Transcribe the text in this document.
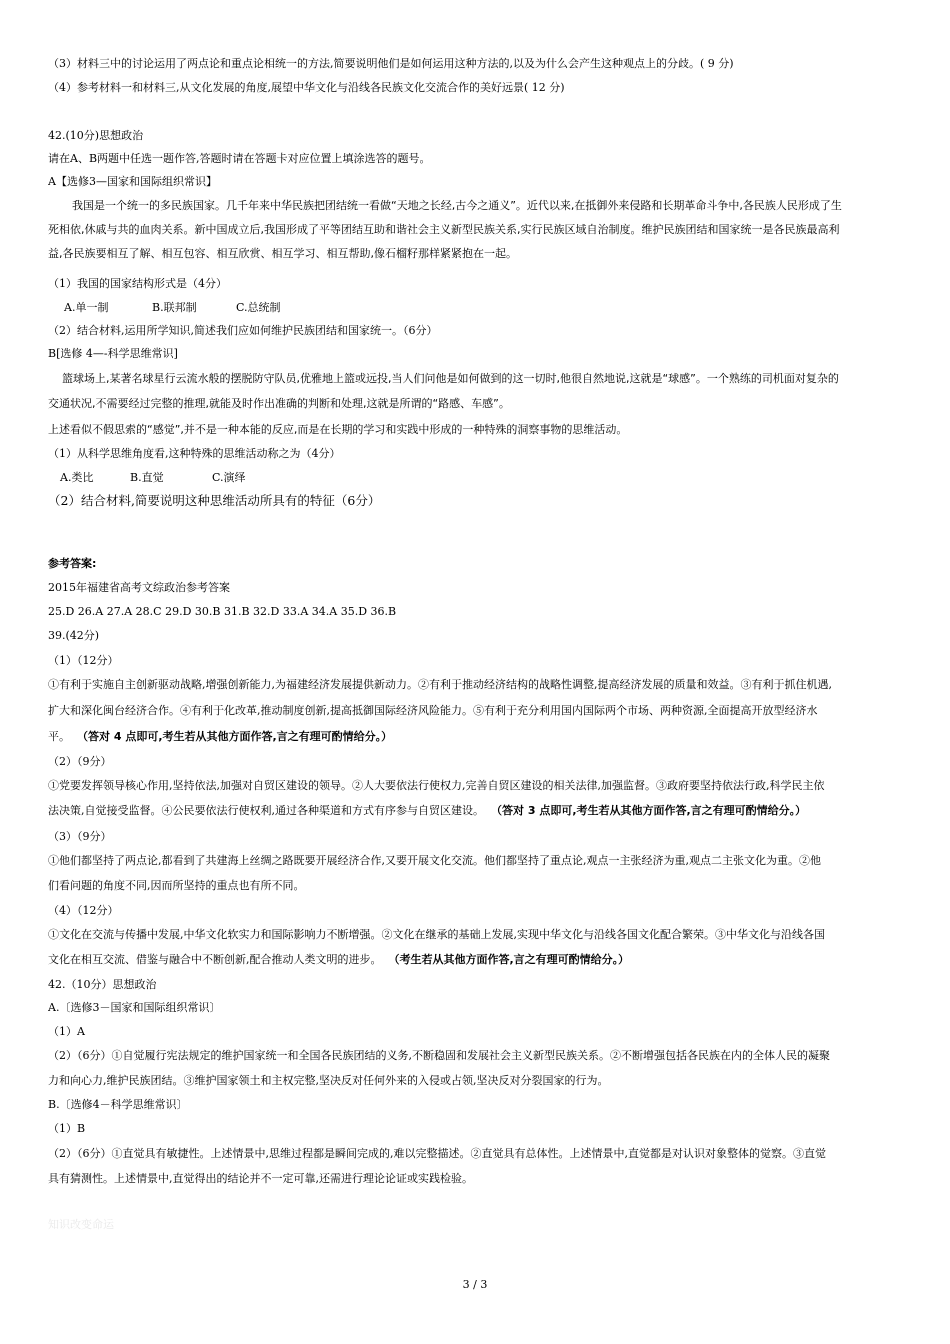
（3）材料三中的讨论运用了两点论和重点论相统一的方法,简要说明他们是如何运用这种方法的,以及为什么会产生这种观点上的分歧。( 9 分)

（4）参考材料一和材料三,从文化发展的角度,展望中华文化与沿线各民族文化交流合作的美好远景( 12 分)

42.(10分)思想政治

请在A、B两题中任选一题作答,答题时请在答题卡对应位置上填涂选答的题号。

A【选修3—国家和国际组织常识】

我国是一个统一的多民族国家。几千年来中华民族把团结统一看做“天地之长经,古今之通义”。近代以来,在抵御外来侵路和长期革命斗争中,各民族人民形成了生

死相依,休戚与共的血肉关系。新中国成立后,我国形成了平等团结互助和谐社会主义新型民族关系,实行民族区域自治制度。维护民族团结和国家统一是各民族最高利

益,各民族要相互了解、相互包容、相互欣赏、相互学习、相互帮助,像石榴籽那样紧紧抱在一起。

（1）我国的国家结构形式是（4分）

A.单一制	B.联邦制	C.总统制

（2）结合材料,运用所学知识,简述我们应如何维护民族团结和国家统一。（6分）

B[选修 4—-科学思维常识]

篮球场上,某著名球星行云流水般的摆脱防守队员,优雅地上篮或远投,当人们问他是如何做到的这一切时,他很自然地说,这就是“球感”。一个熟练的司机面对复杂的

交通状况,不需要经过完整的推理,就能及时作出准确的判断和处理,这就是所谓的“路感、车感”。

上述看似不假思索的“感觉”,并不是一种本能的反应,而是在长期的学习和实践中形成的一种特殊的洞察事物的思维活动。

（1）从科学思维角度看,这种特殊的思维活动称之为（4分）

A.类比	B.直觉	C.演绎

（2）结合材料,简要说明这种思维活动所具有的特征（6分）

参考答案:

2015年福建省高考文综政治参考答案

25.D 26.A 27.A 28.C 29.D 30.B 31.B 32.D 33.A 34.A 35.D 36.B

39.(42分)

（1）（12分）

①有利于实施自主创新驱动战略,增强创新能力,为福建经济发展提供新动力。②有利于推动经济结构的战略性调整,提高经济发展的质量和效益。③有利于抓住机遇,

扩大和深化闽台经济合作。④有利于化改革,推动制度创新,提高抵御国际经济风险能力。⑤有利于充分利用国内国际两个市场、两种资源,全面提高开放型经济水

平。 （答对 4 点即可,考生若从其他方面作答,言之有理可酌情给分。）

（2）（9分）

①党要发挥领导核心作用,坚持依法,加强对自贸区建设的领导。②人大要依法行使权力,完善自贸区建设的相关法律,加强监督。③政府要坚持依法行政,科学民主依

法决策,自觉接受监督。④公民要依法行使权利,通过各种渠道和方式有序参与自贸区建设。 （答对 3 点即可,考生若从其他方面作答,言之有理可酌情给分。）

（3）（9分）

①他们都坚持了两点论,都看到了共建海上丝绸之路既要开展经济合作,又要开展文化交流。他们都坚持了重点论,观点一主张经济为重,观点二主张文化为重。②他

们看问题的角度不同,因而所坚持的重点也有所不同。

（4）（12分）

①文化在交流与传播中发展,中华文化软实力和国际影响力不断增强。②文化在继承的基础上发展,实现中华文化与沿线各国文化配合繁荣。③中华文化与沿线各国

文化在相互交流、借鉴与融合中不断创新,配合推动人类文明的进步。 （考生若从其他方面作答,言之有理可酌情给分。）

42.（10分）思想政治

A.〔选修3－国家和国际组织常识〕

（1）A

（2）（6分）①自觉履行宪法规定的维护国家统一和全国各民族团结的义务,不断稳固和发展社会主义新型民族关系。②不断增强包括各民族在内的全体人民的凝聚

力和向心力,维护民族团结。③维护国家领土和主权完整,坚决反对任何外来的入侵或占领,坚决反对分裂国家的行为。

B.〔选修4－科学思维常识〕

（1）B

（2）（6分）①直觉具有敏捷性。上述情景中,思维过程都是瞬间完成的,难以完整描述。②直觉具有总体性。上述情景中,直觉都是对认识对象整体的觉察。③直觉

具有猜测性。上述情景中,直觉得出的结论并不一定可靠,还需进行理论论证或实践检验。

知识改变命运
3 / 3
